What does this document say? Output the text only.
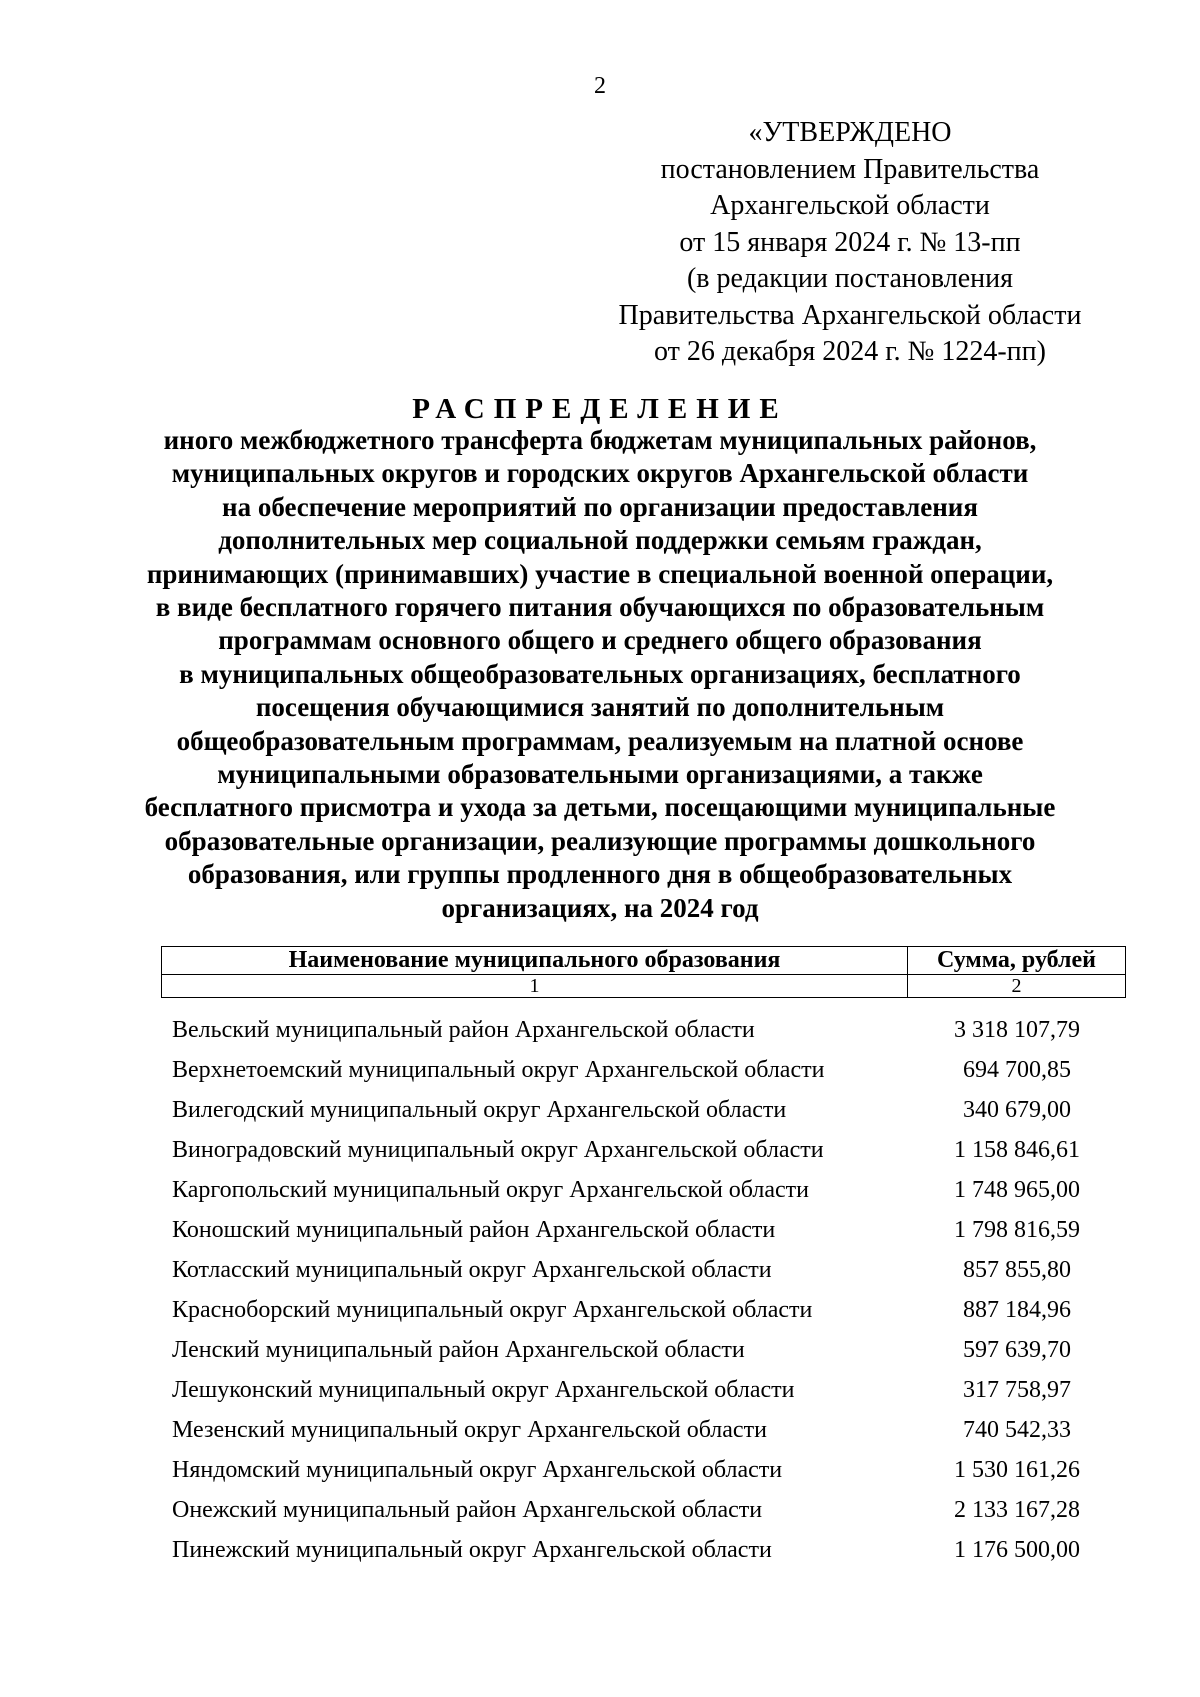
2
«УТВЕРЖДЕНО
постановлением Правительства
Архангельской области
от 15 января 2024 г. № 13-пп
(в редакции постановления
Правительства Архангельской области
от 26 декабря 2024 г. № 1224-пп)
РАСПРЕДЕЛЕНИЕ
иного межбюджетного трансферта бюджетам муниципальных районов,
муниципальных округов и городских округов Архангельской области
на обеспечение мероприятий по организации предоставления
дополнительных мер социальной поддержки семьям граждан,
принимающих (принимавших) участие в специальной военной операции,
в виде бесплатного горячего питания обучающихся по образовательным
программам основного общего и среднего общего образования
в муниципальных общеобразовательных организациях, бесплатного
посещения обучающимися занятий по дополнительным
общеобразовательным программам, реализуемым на платной основе
муниципальными образовательными организациями, а также
бесплатного присмотра и ухода за детьми, посещающими муниципальные
образовательные организации, реализующие программы дошкольного
образования, или группы продленного дня в общеобразовательных
организациях, на 2024 год
Наименование муниципального образования	Сумма, рублей
1	2
Вельский муниципальный район Архангельской области	3 318 107,79
Верхнетоемский муниципальный округ Архангельской области	694 700,85
Вилегодский муниципальный округ Архангельской области	340 679,00
Виноградовский муниципальный округ Архангельской области	1 158 846,61
Каргопольский муниципальный округ Архангельской области	1 748 965,00
Коношский муниципальный район Архангельской области	1 798 816,59
Котласский муниципальный округ Архангельской области	857 855,80
Красноборский муниципальный округ Архангельской области	887 184,96
Ленский муниципальный район Архангельской области	597 639,70
Лешуконский муниципальный округ Архангельской области	317 758,97
Мезенский муниципальный округ Архангельской области	740 542,33
Няндомский муниципальный округ Архангельской области	1 530 161,26
Онежский муниципальный район Архангельской области	2 133 167,28
Пинежский муниципальный округ Архангельской области	1 176 500,00
